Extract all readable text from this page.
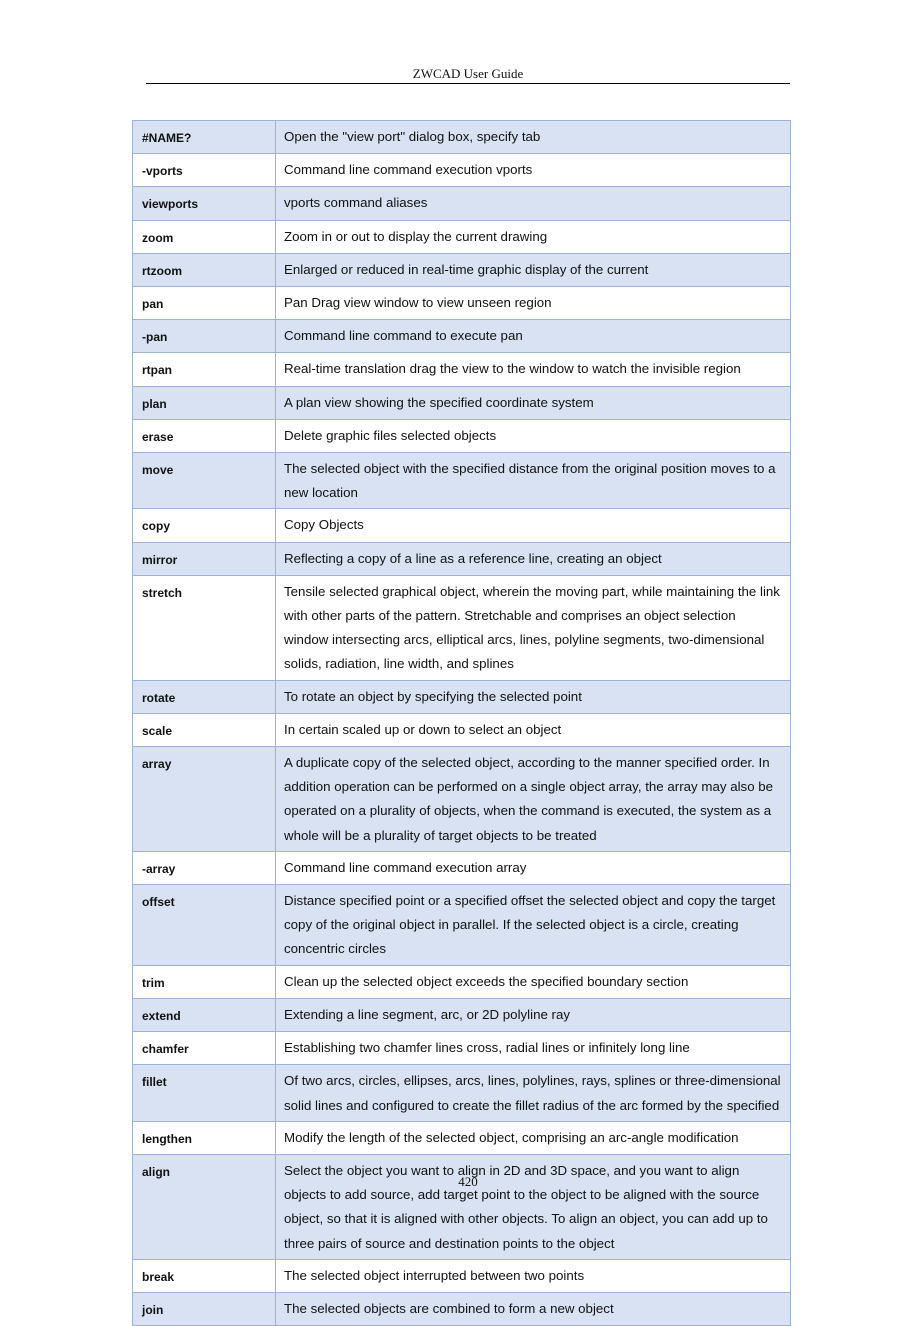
ZWCAD User Guide
#NAME?	Open the "view port" dialog box, specify tab
-vports	Command line command execution vports
viewports	vports command aliases
zoom	Zoom in or out to display the current drawing
rtzoom	Enlarged or reduced in real-time graphic display of the current
pan	Pan Drag view window to view unseen region
-pan	Command line command to execute pan
rtpan	Real-time translation drag the view to the window to watch the invisible region
plan	A plan view showing the specified coordinate system
erase	Delete graphic files selected objects
move	The selected object with the specified distance from the original position moves to a new location
copy	Copy Objects
mirror	Reflecting a copy of a line as a reference line, creating an object
stretch	Tensile selected graphical object, wherein the moving part, while maintaining the link with other parts of the pattern. Stretchable and comprises an object selection window intersecting arcs, elliptical arcs, lines, polyline segments, two-dimensional solids, radiation, line width, and splines
rotate	To rotate an object by specifying the selected point
scale	In certain scaled up or down to select an object
array	A duplicate copy of the selected object, according to the manner specified order. In addition operation can be performed on a single object array, the array may also be operated on a plurality of objects, when the command is executed, the system as a whole will be a plurality of target objects to be treated
-array	Command line command execution array
offset	Distance specified point or a specified offset the selected object and copy the target copy of the original object in parallel. If the selected object is a circle, creating concentric circles
trim	Clean up the selected object exceeds the specified boundary section
extend	Extending a line segment, arc, or 2D polyline ray
chamfer	Establishing two chamfer lines cross, radial lines or infinitely long line
fillet	Of two arcs, circles, ellipses, arcs, lines, polylines, rays, splines or three-dimensional solid lines and configured to create the fillet radius of the arc formed by the specified
lengthen	Modify the length of the selected object, comprising an arc-angle modification
align	Select the object you want to align in 2D and 3D space, and you want to align objects to add source, add target point to the object to be aligned with the source object, so that it is aligned with other objects. To align an object, you can add up to three pairs of source and destination points to the object
break	The selected object interrupted between two points
join	The selected objects are combined to form a new object
420
